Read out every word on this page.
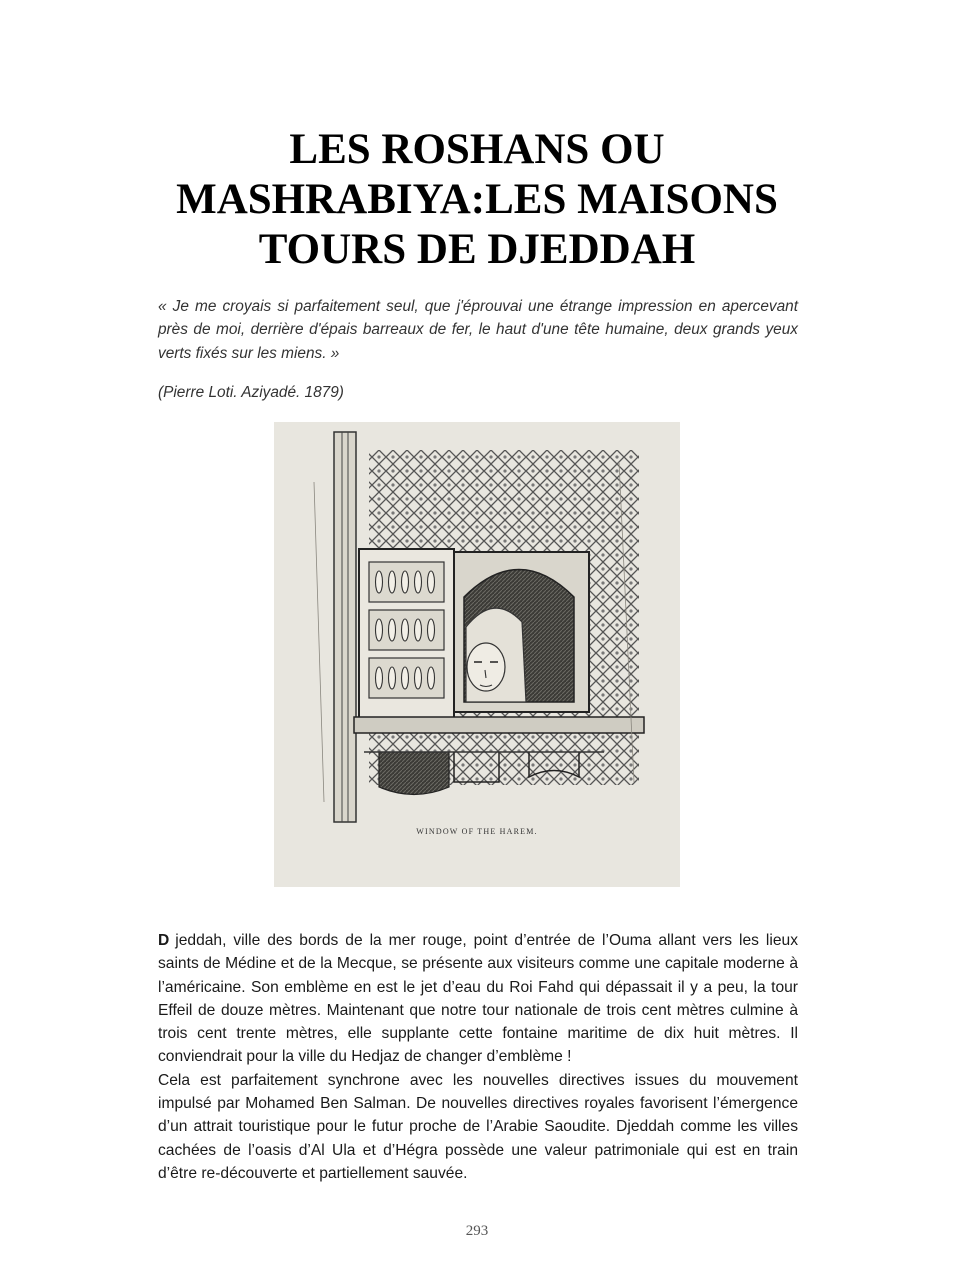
LES ROSHANS OU
MASHRABIYA:LES MAISONS
TOURS DE DJEDDAH

« Je me croyais si parfaitement seul, que j'éprouvai une étrange impression en apercevant près de moi, derrière d'épais barreaux de fer, le haut d'une tête humaine, deux grands yeux verts fixés sur les miens. »

(Pierre Loti. Aziyadé. 1879)

WINDOW OF THE HAREM.

D jeddah, ville des bords de la mer rouge, point d’entrée de l’Ouma allant vers les lieux saints de Médine et de la Mecque, se présente aux visiteurs comme une capitale moderne à l’américaine. Son emblème en est le jet d’eau du Roi Fahd qui dépassait il y a peu, la tour Effeil de douze mètres. Maintenant que notre tour nationale de trois cent mètres culmine à trois cent trente mètres, elle supplante cette fontaine maritime de dix huit mètres. Il conviendrait pour la ville du Hedjaz de changer d’emblème !

Cela est parfaitement synchrone avec les nouvelles directives issues du mouvement impulsé par Mohamed Ben Salman. De nouvelles directives royales favorisent l’émergence d’un attrait touristique pour le futur proche de l’Arabie Saoudite. Djeddah comme les villes cachées de l’oasis d’Al Ula et d’Hégra possède une valeur patrimoniale qui est en train d’être re-découverte et partiellement sauvée.

293
